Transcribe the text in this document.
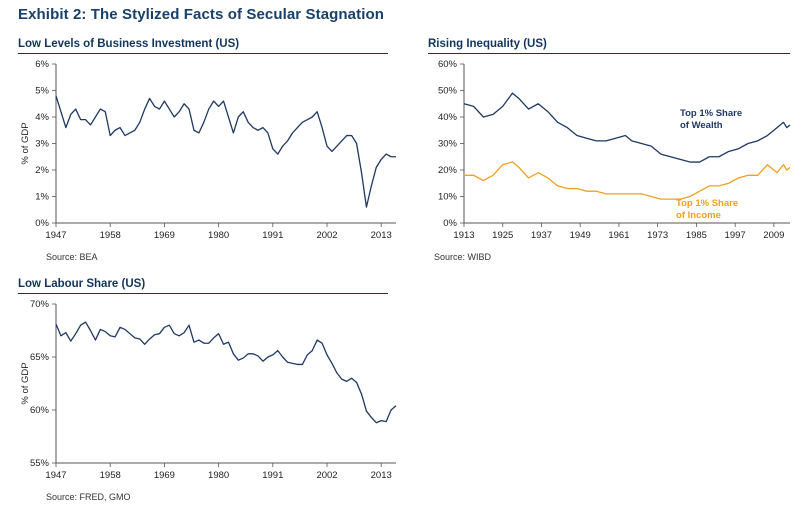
Exhibit 2: The Stylized Facts of Secular Stagnation
Low Levels of Business Investment (US)
0%
1%
2%
3%
4%
5%
6%
1947	1958	1969	1980	1991	2002	2013
% of GDP
Source: BEA
Rising Inequality (US)
0%
10%
20%
30%
40%
50%
60%
1913 1925 1937 1949 1961 1973 1985 1997 2009
Top 1% Share of Wealth
Top 1% Share of Income
Source: WIBD
Low Labour Share (US)
55%
60%
65%
70%
1947	1958	1969	1980	1991	2002	2013
% of GDP
Source: FRED, GMO
